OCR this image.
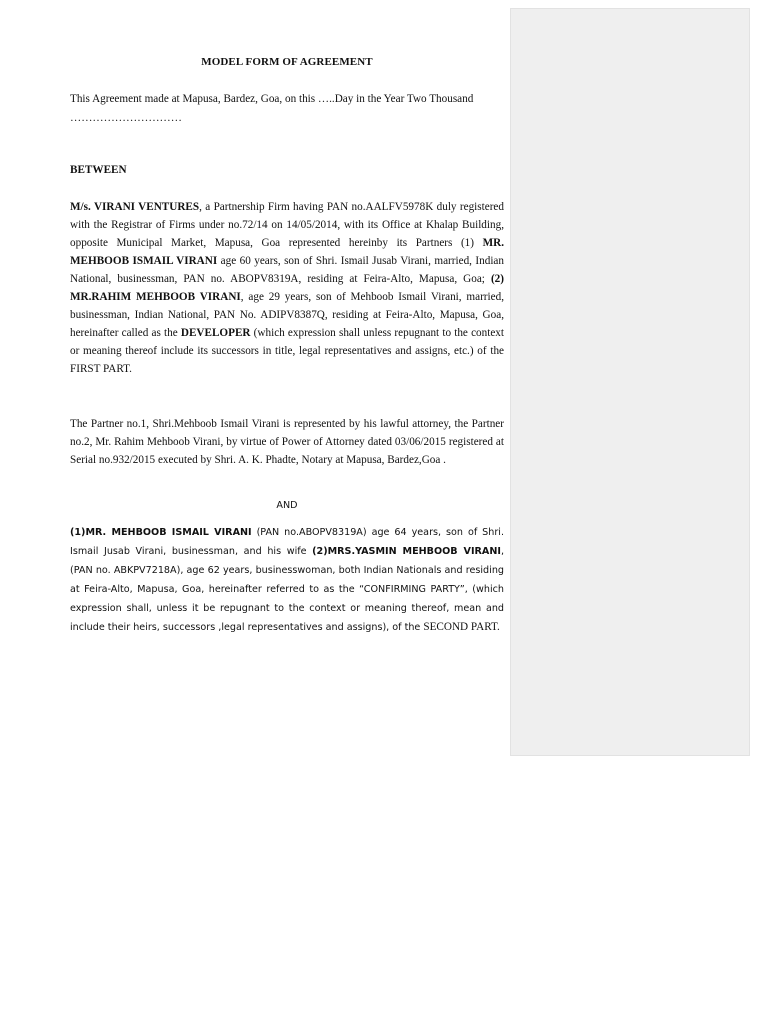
MODEL FORM OF AGREEMENT

This Agreement made at Mapusa, Bardez, Goa, on this …..Day in the Year Two Thousand …………………………

BETWEEN

M/s. VIRANI VENTURES, a Partnership Firm having PAN no.AALFV5978K duly registered with the Registrar of Firms under no.72/14 on 14/05/2014, with its Office at Khalap Building, opposite Municipal Market, Mapusa, Goa represented hereinby its Partners (1) MR. MEHBOOB ISMAIL VIRANI age 60 years, son of Shri. Ismail Jusab Virani, married, Indian National, businessman, PAN no. ABOPV8319A, residing at Feira-Alto, Mapusa, Goa; (2) MR.RAHIM MEHBOOB VIRANI, age 29 years, son of Mehboob Ismail Virani, married, businessman, Indian National, PAN No. ADIPV8387Q, residing at Feira-Alto, Mapusa, Goa, hereinafter called as the DEVELOPER (which expression shall unless repugnant to the context or meaning thereof include its successors in title, legal representatives and assigns, etc.) of the FIRST PART.

The Partner no.1, Shri.Mehboob Ismail Virani is represented by his lawful attorney, the Partner no.2, Mr. Rahim Mehboob Virani, by virtue of Power of Attorney dated 03/06/2015 registered at Serial no.932/2015 executed by Shri. A. K. Phadte, Notary at Mapusa, Bardez,Goa .

AND

(1)MR. MEHBOOB ISMAIL VIRANI (PAN no.ABOPV8319A) age 64 years, son of Shri. Ismail Jusab Virani, businessman, and his wife (2)MRS.YASMIN MEHBOOB VIRANI, (PAN no. ABKPV7218A), age 62 years, businesswoman, both Indian Nationals and residing at Feira-Alto, Mapusa, Goa, hereinafter referred to as the “CONFIRMING PARTY”, (which expression shall, unless it be repugnant to the context or meaning thereof, mean and include their heirs, successors ,legal representatives and assigns), of the SECOND PART.
